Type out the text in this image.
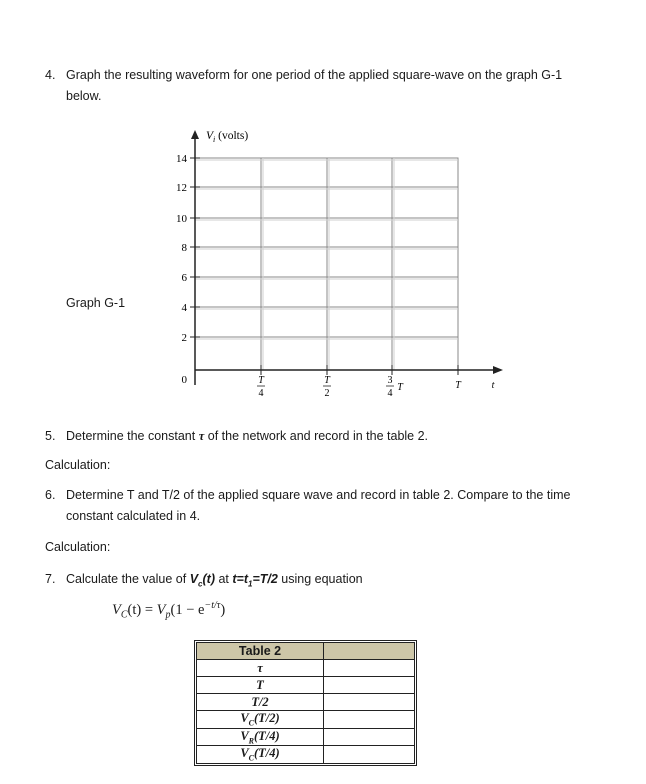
4. Graph the resulting waveform for one period of the applied square-wave on the graph G-1
below.
Graph G-1
$V_i$ (volts)
14
12
10
8
6
4
2
0	T
4
T
2
3
4
T	T	t
5. Determine the constant τ of the network and record in the table 2.
Calculation:
6. Determine T and T/2 of the applied square wave and record in table 2. Compare to the time
constant calculated in 4.
Calculation:
7. Calculate the value of $V_c(t)$ at $t=t_1=T/2$ using equation
$V_C(t) = V_p(1 - e^{-t/\tau})$
Table 2	
τ	
T	
T/2	
$V_C(T/2)$	
$V_R(T/4)$	
$V_C(T/4)$	
